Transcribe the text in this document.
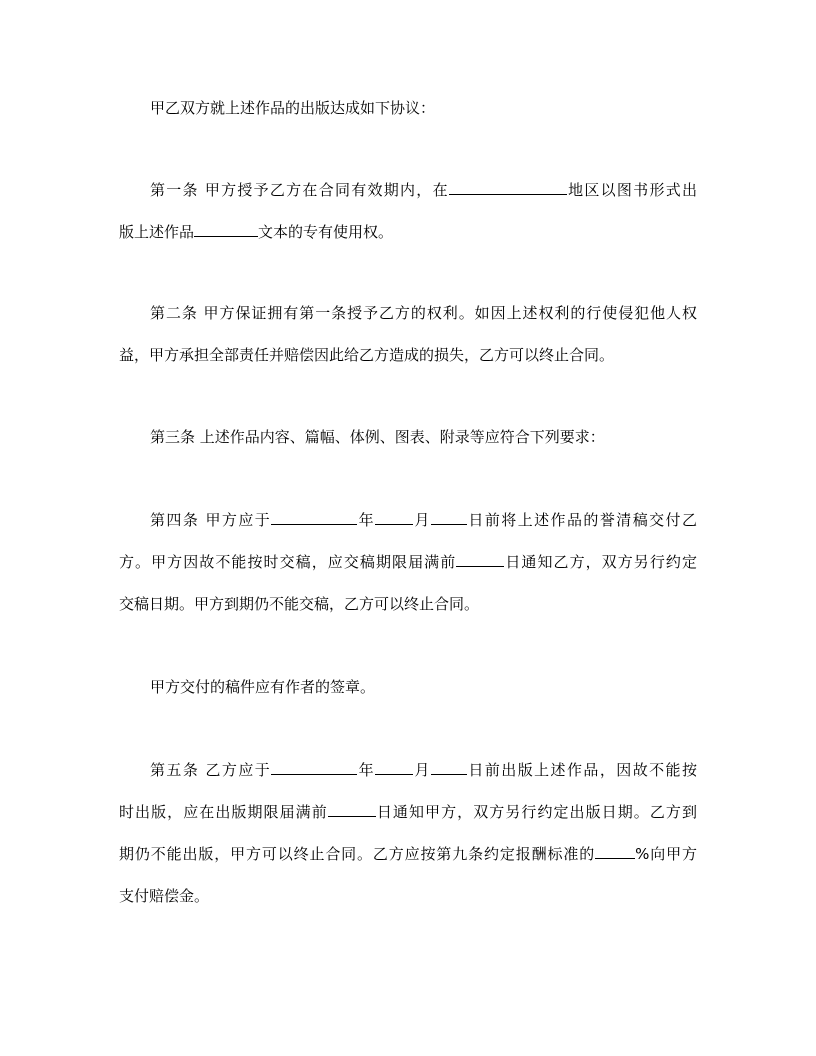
甲乙双方就上述作品的出版达成如下协议：
第一条 甲方授予乙方在合同有效期内，在	地区以图书形式出
版上述作品	文本的专有使用权。
第二条 甲方保证拥有第一条授予乙方的权利。如因上述权利的行使侵犯他人权
益，甲方承担全部责任并赔偿因此给乙方造成的损失，乙方可以终止合同。
第三条 上述作品内容、篇幅、体例、图表、附录等应符合下列要求：
第四条 甲方应于	年	月 日前将上述作品的誉清稿交付乙
方。甲方因故不能按时交稿，应交稿期限届满前	日通知乙方，双方另行约定
交稿日期。甲方到期仍不能交稿，乙方可以终止合同。
甲方交付的稿件应有作者的签章。
第五条 乙方应于	年	月 日前出版上述作品，因故不能按
时出版，应在出版期限届满前	日通知甲方，双方另行约定出版日期。乙方到
期仍不能出版，甲方可以终止合同。乙方应按第九条约定报酬标准的	%向甲方
支付赔偿金。
